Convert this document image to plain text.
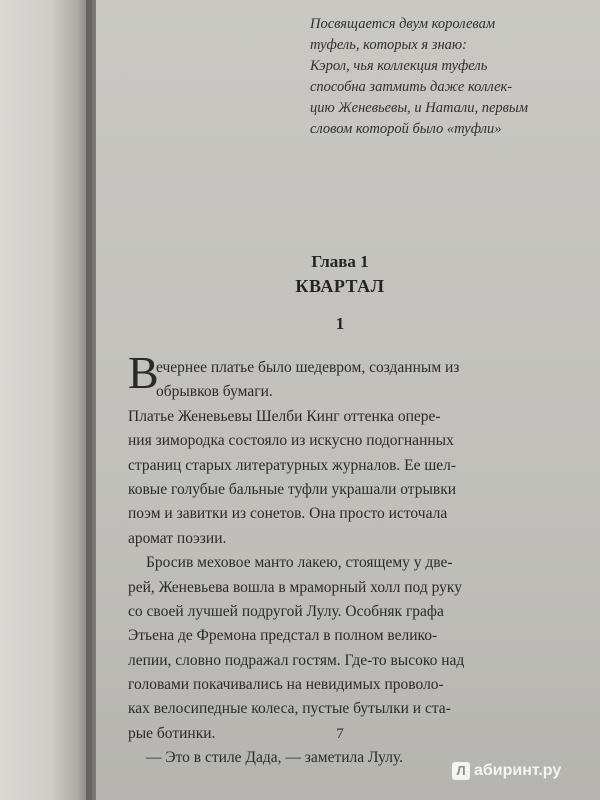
Посвящается двум королевам
туфель, которых я знаю:
Кэрол, чья коллекция туфель
способна затмить даже коллек-
цию Женевьевы, и Натали, первым
словом которой было «туфли»
Глава 1
КВАРТАЛ
1
В
ечернее платье было шедевром, созданным из
обрывков бумаги.
Платье Женевьевы Шелби Кинг оттенка опере-
ния зимородка состояло из искусно подогнанных
страниц старых литературных журналов. Ее шел-
ковые голубые бальные туфли украшали отрывки
поэм и завитки из сонетов. Она просто источала
аромат поэзии.
Бросив меховое манто лакею, стоящему у две-
рей, Женевьева вошла в мраморный холл под руку
со своей лучшей подругой Лулу. Особняк графа
Этьена де Фремона предстал в полном велико-
лепии, словно подражал гостям. Где-то высоко над
головами покачивались на невидимых проволо-
ках велосипедные колеса, пустые бутылки и ста-
рые ботинки.
— Это в стиле Дада, — заметила Лулу.
7
Л абиринт.ру
